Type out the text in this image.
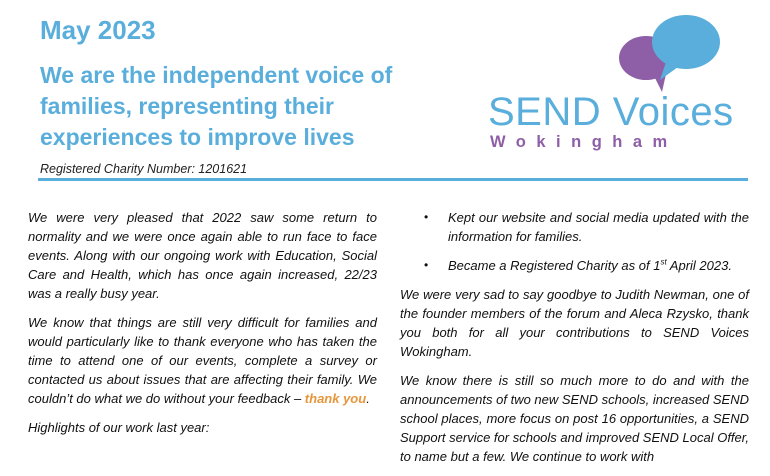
May 2023
We are the independent voice of families, representing their experiences to improve lives
Registered Charity Number: 1201621
SEND Voices
Wokingham

We were very pleased that 2022 saw some return to normality and we were once again able to run face to face events. Along with our ongoing work with Education, Social Care and Health, which has once again increased, 22/23 was a really busy year.

We know that things are still very difficult for families and would particularly like to thank everyone who has taken the time to attend one of our events, complete a survey or contacted us about issues that are affecting their family. We couldn’t do what we do without your feedback – thank you.

Highlights of our work last year:

• Kept our website and social media updated with the information for families.
• Became a Registered Charity as of 1st April 2023.

We were very sad to say goodbye to Judith Newman, one of the founder members of the forum and Aleca Rzysko, thank you both for all your contributions to SEND Voices Wokingham.

We know there is still so much more to do and with the announcements of two new SEND schools, increased SEND school places, more focus on post 16 opportunities, a SEND Support service for schools and improved SEND Local Offer, to name but a few. We continue to work with
